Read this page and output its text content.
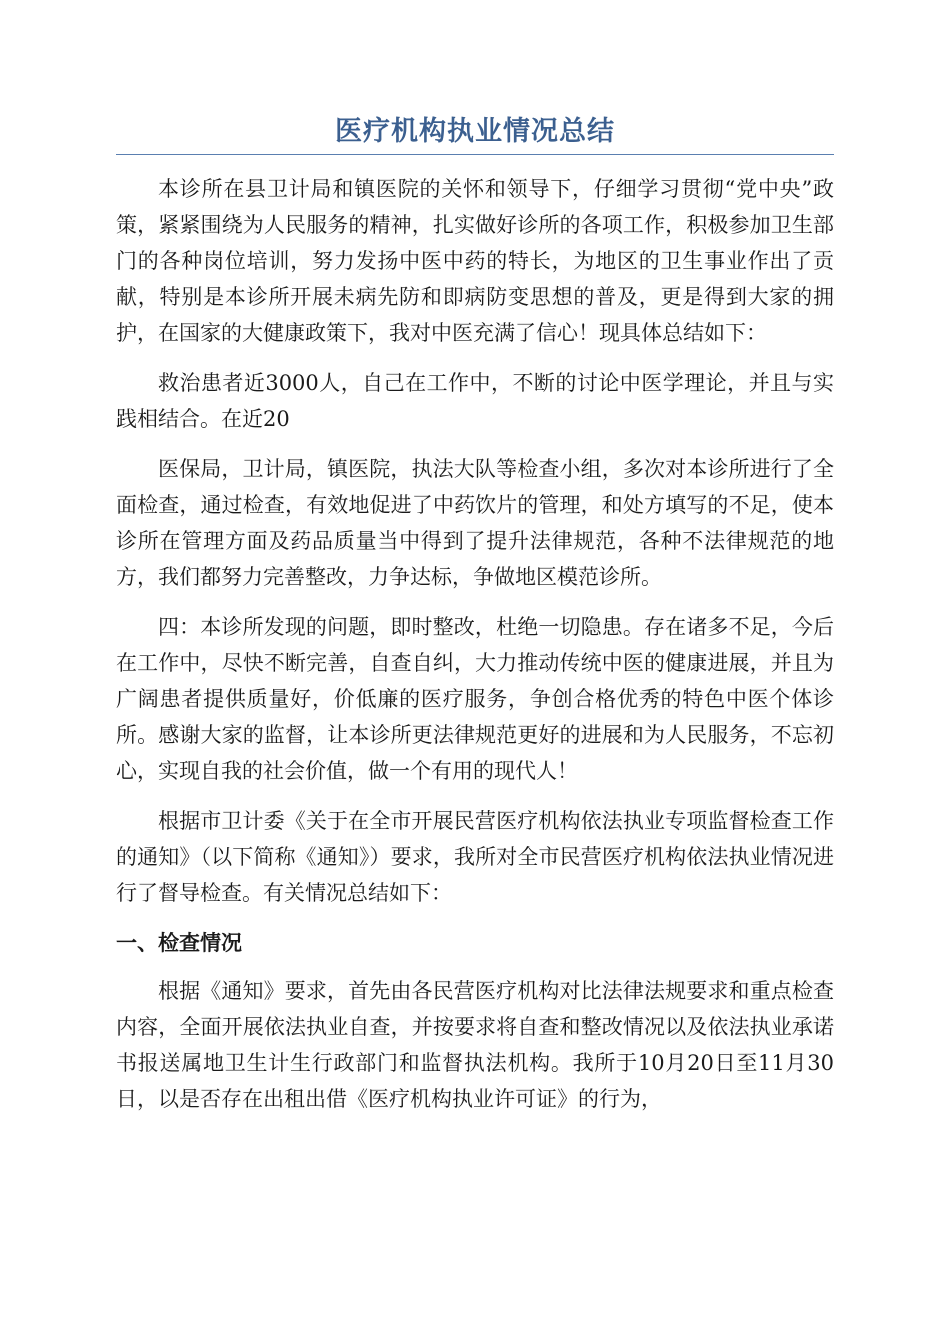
医疗机构执业情况总结

本诊所在县卫计局和镇医院的关怀和领导下，仔细学习贯彻“党中央”政策，紧紧围绕为人民服务的精神，扎实做好诊所的各项工作，积极参加卫生部门的各种岗位培训，努力发扬中医中药的特长，为地区的卫生事业作出了贡献，特别是本诊所开展未病先防和即病防变思想的普及，更是得到大家的拥护，在国家的大健康政策下，我对中医充满了信心！现具体总结如下：

救治患者近3000人，自己在工作中，不断的讨论中医学理论，并且与实践相结合。在近20

医保局，卫计局，镇医院，执法大队等检查小组，多次对本诊所进行了全面检查，通过检查，有效地促进了中药饮片的管理，和处方填写的不足，使本诊所在管理方面及药品质量当中得到了提升法律规范，各种不法律规范的地方，我们都努力完善整改，力争达标，争做地区模范诊所。

四：本诊所发现的问题，即时整改，杜绝一切隐患。存在诸多不足，今后在工作中，尽快不断完善，自查自纠，大力推动传统中医的健康进展，并且为广阔患者提供质量好，价低廉的医疗服务，争创合格优秀的特色中医个体诊所。感谢大家的监督，让本诊所更法律规范更好的进展和为人民服务，不忘初心，实现自我的社会价值，做一个有用的现代人！

根据市卫计委《关于在全市开展民营医疗机构依法执业专项监督检查工作的通知》（以下简称《通知》）要求，我所对全市民营医疗机构依法执业情况进行了督导检查。有关情况总结如下：

一、检查情况

根据《通知》要求，首先由各民营医疗机构对比法律法规要求和重点检查内容，全面开展依法执业自查，并按要求将自查和整改情况以及依法执业承诺书报送属地卫生计生行政部门和监督执法机构。我所于10月20日至11月30日，以是否存在出租出借《医疗机构执业许可证》的行为，
